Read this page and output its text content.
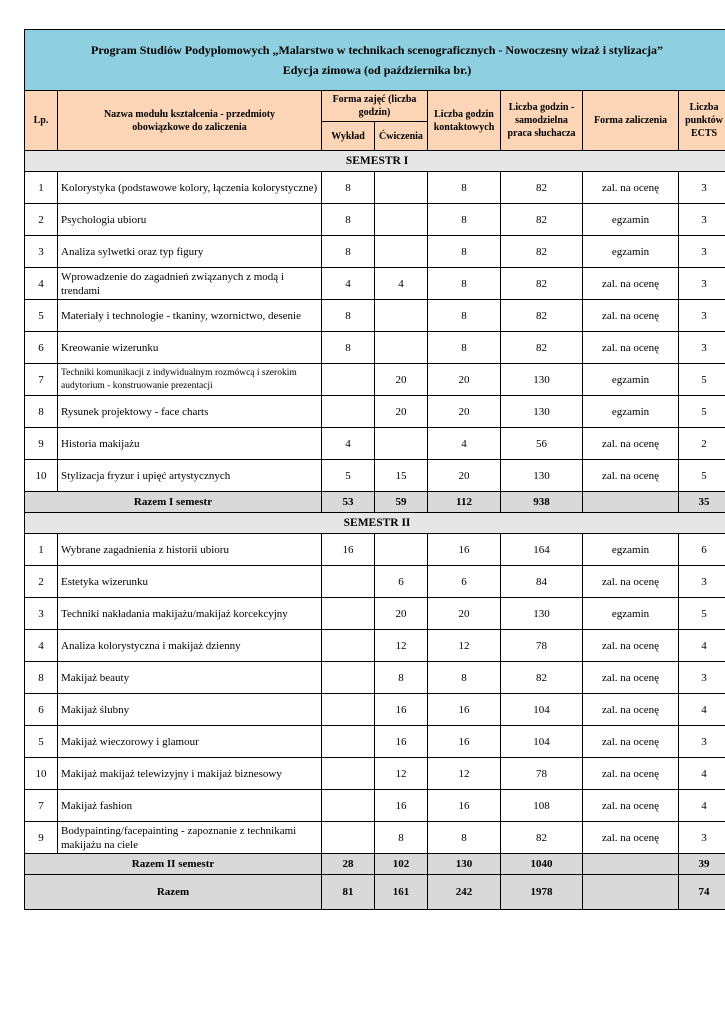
Program Studiów Podyplomowych „Malarstwo w technikach scenograficznych - Nowoczesny wizaż i stylizacja”
Edycja zimowa (od października br.)							

Lp.	Nazwa modułu kształcenia - przedmioty obowiązkowe do zaliczenia	Forma zajęć (liczba godzin)		Liczba godzin kontaktowych	Liczba godzin - samodzielna praca słuchacza	Forma zaliczenia	Liczba punktów ECTS
		Wykład	Ćwiczenia				
SEMESTR I							
1	Kolorystyka (podstawowe kolory, łączenia kolorystyczne)	8		8	82	zal. na ocenę	3
2	Psychologia ubioru	8		8	82	egzamin	3
3	Analiza sylwetki oraz typ figury	8		8	82	egzamin	3
4	Wprowadzenie do zagadnień związanych z modą i trendami	4	4	8	82	zal. na ocenę	3
5	Materiały i technologie - tkaniny, wzornictwo, desenie	8		8	82	zal. na ocenę	3
6	Kreowanie wizerunku	8		8	82	zal. na ocenę	3
7	Techniki komunikacji z indywidualnym rozmówcą i szerokim audytorium - konstruowanie prezentacji		20	20	130	egzamin	5
8	Rysunek projektowy - face charts		20	20	130	egzamin	5
9	Historia makijażu	4		4	56	zal. na ocenę	2
10	Stylizacja fryzur i upięć artystycznych	5	15	20	130	zal. na ocenę	5
Razem I semestr		53	59	112	938		35
SEMESTR II							
1	Wybrane zagadnienia z historii ubioru	16		16	164	egzamin	6
2	Estetyka wizerunku		6	6	84	zal. na ocenę	3
3	Techniki nakładania makijażu/makijaż korcekcyjny		20	20	130	egzamin	5
4	Analiza kolorystyczna i makijaż dzienny		12	12	78	zal. na ocenę	4
8	Makijaż beauty		8	8	82	zal. na ocenę	3
6	Makijaż ślubny		16	16	104	zal. na ocenę	4
5	Makijaż wieczorowy i glamour		16	16	104	zal. na ocenę	3
10	Makijaż makijaż telewizyjny i makijaż biznesowy		12	12	78	zal. na ocenę	4
7	Makijaż fashion		16	16	108	zal. na ocenę	4
9	Bodypainting/facepainting - zapoznanie z technikami makijażu na ciele		8	8	82	zal. na ocenę	3
Razem II semestr		28	102	130	1040		39
Razem		81	161	242	1978		74
